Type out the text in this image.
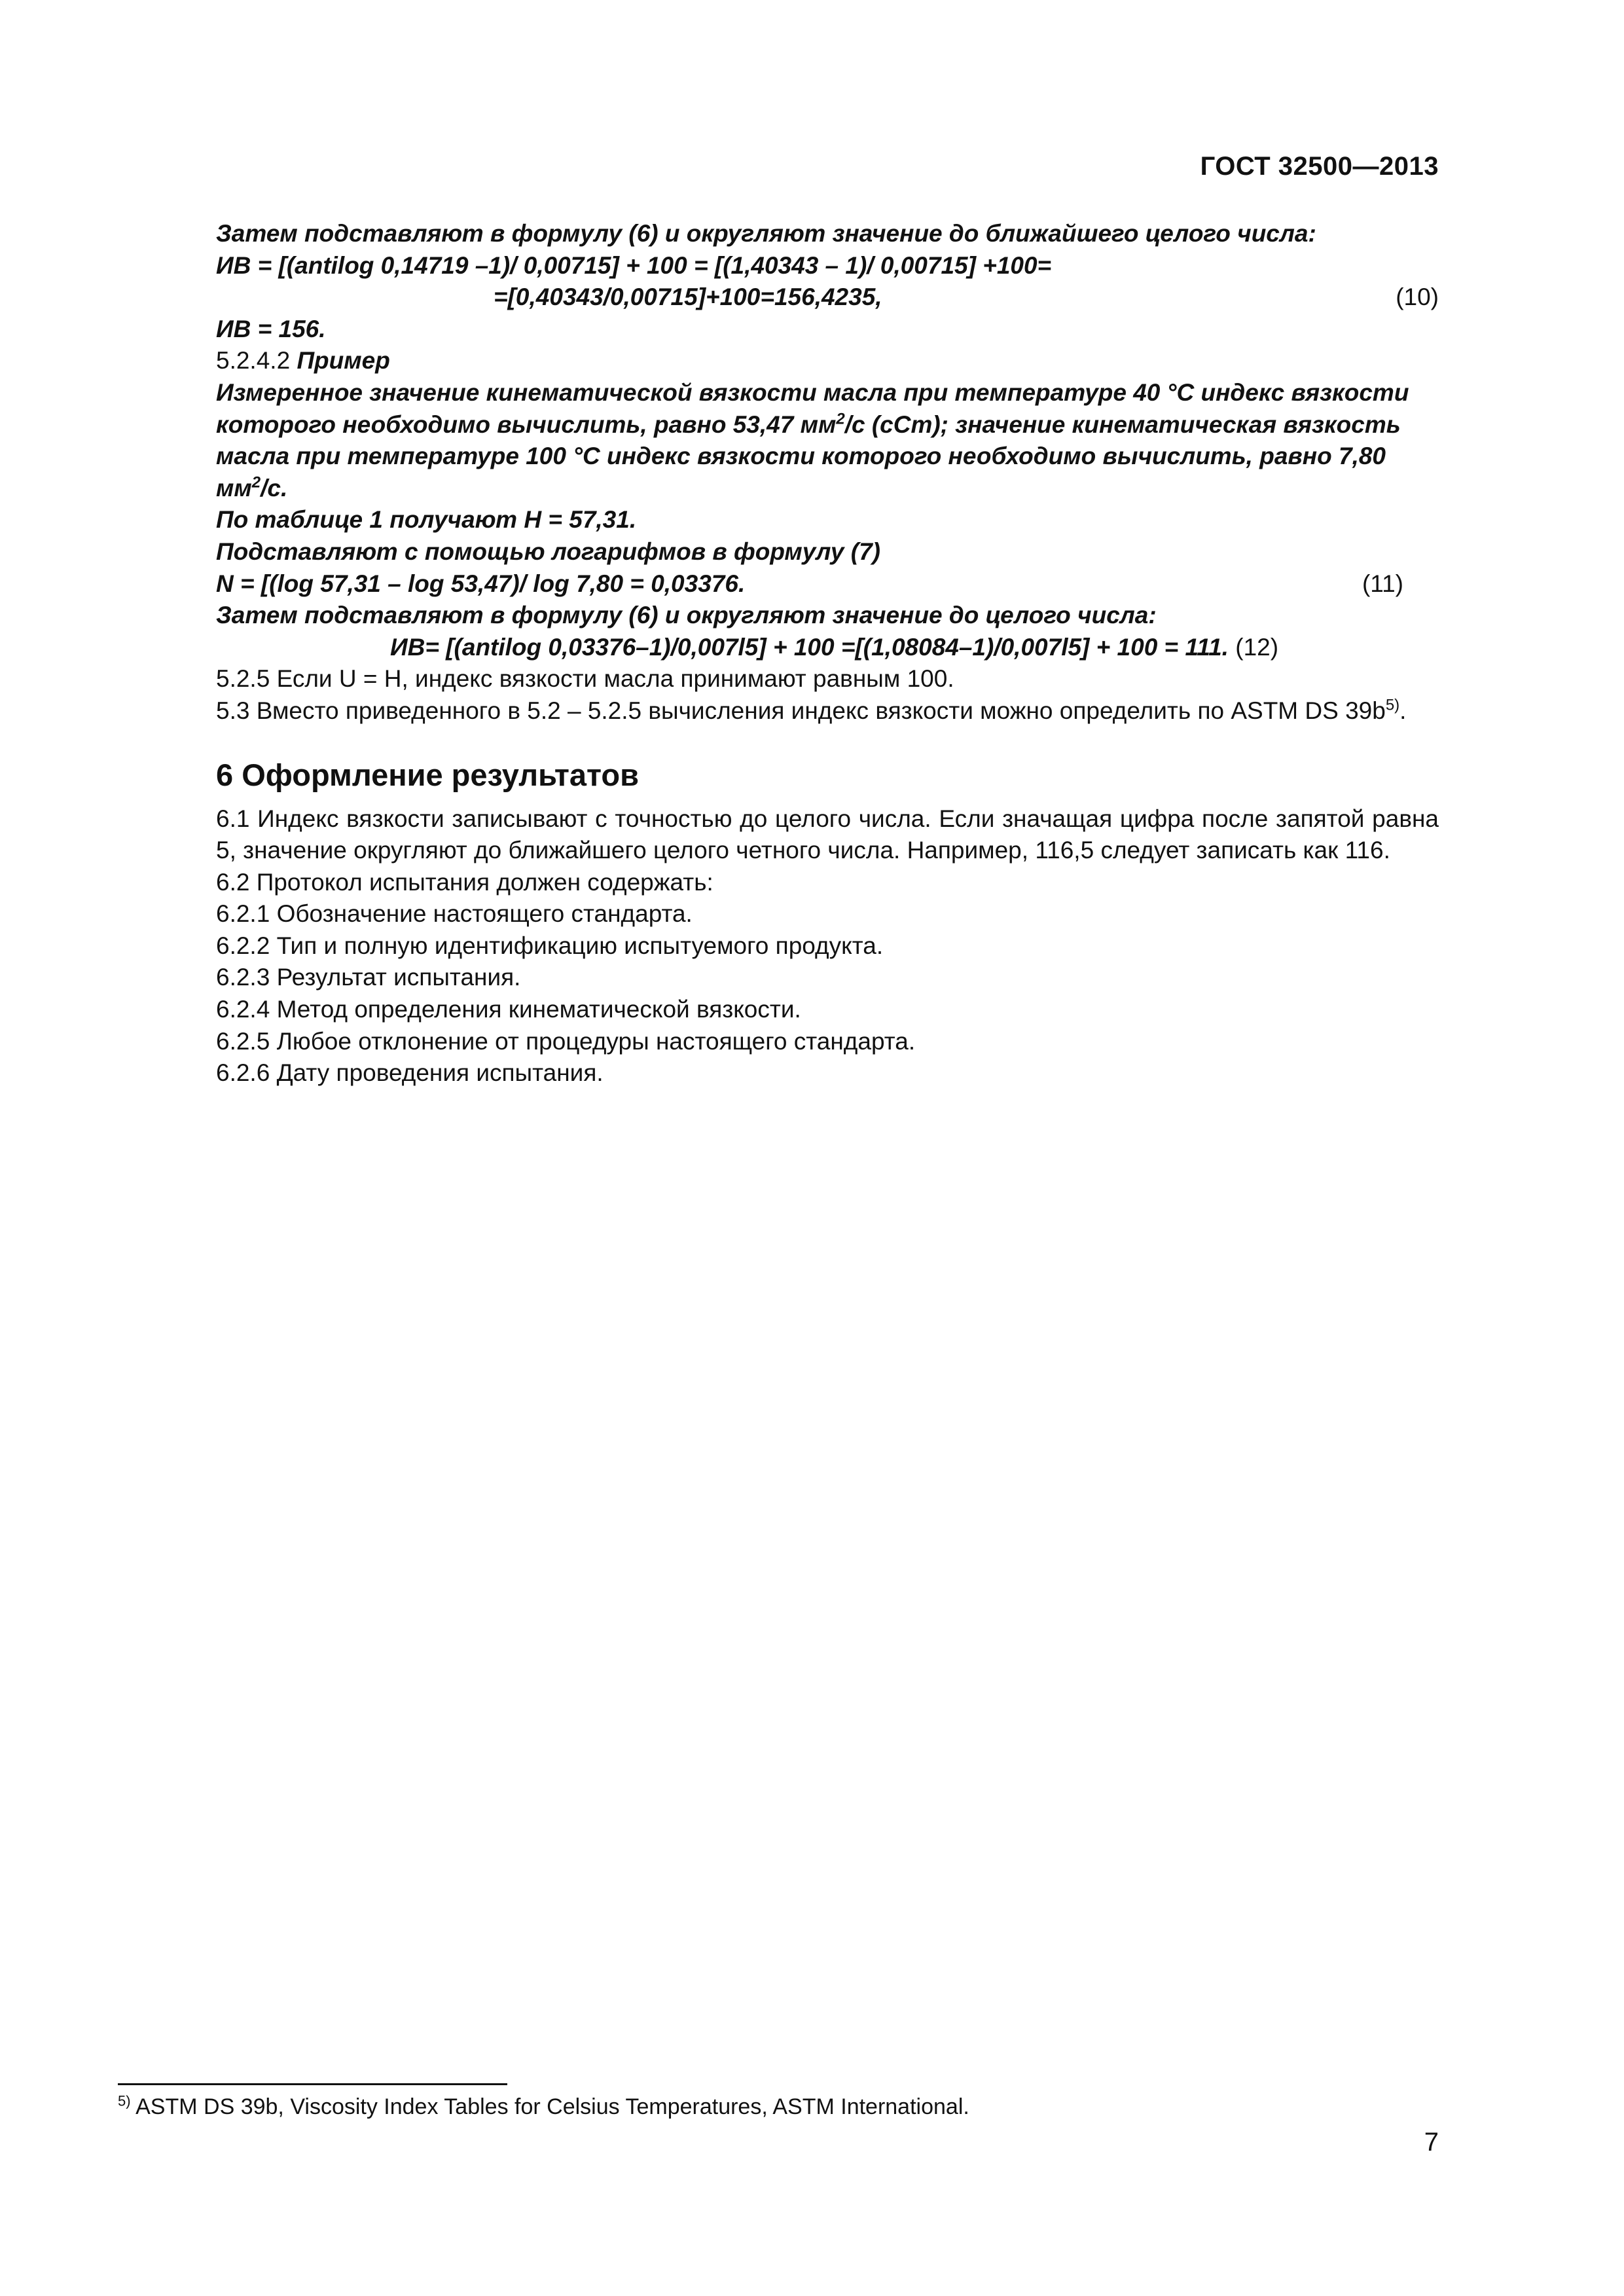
ГОСТ 32500—2013
Затем подставляют в формулу (6) и округляют значение до ближайшего целого числа:
ИВ = [(antilog 0,14719 –1)/ 0,00715] + 100 = [(1,40343 – 1)/ 0,00715] +100=
=[0,40343/0,00715]+100=156,4235,	(10)
ИВ = 156.
5.2.4.2 Пример
Измеренное значение кинематической вязкости масла при температуре 40 °С индекс вязкости которого необходимо вычислить, равно 53,47 $мм^2/с$ (сСт); значение кинематическая вязкость масла при температуре 100 °С индекс вязкости которого необходимо вычислить, равно 7,80 $мм^2/с$.
По таблице 1 получают H = 57,31.
Подставляют с помощью логарифмов в формулу (7)
N = [(log 57,31 – log 53,47)/ log 7,80 = 0,03376.	(11)
Затем подставляют в формулу (6) и округляют значение до целого числа:
ИВ= [(antilog 0,03376–1)/0,007l5] + 100 =[(1,08084–1)/0,007l5] + 100 = 111. (12)
5.2.5 Если U = H, индекс вязкости масла принимают равным 100.
5.3 Вместо приведенного в 5.2 – 5.2.5 вычисления индекс вязкости можно определить по ASTM DS $39b^{5)}$.
6 Оформление результатов
6.1 Индекс вязкости записывают с точностью до целого числа. Если значащая цифра после запятой равна 5, значение округляют до ближайшего целого четного числа. Например, 116,5 следует записать как 116.
6.2 Протокол испытания должен содержать:
6.2.1 Обозначение настоящего стандарта.
6.2.2 Тип и полную идентификацию испытуемого продукта.
6.2.3 Результат испытания.
6.2.4 Метод определения кинематической вязкости.
6.2.5 Любое отклонение от процедуры настоящего стандарта.
6.2.6 Дату проведения испытания.
$^{5)}$ ASTM DS 39b, Viscosity Index Tables for Celsius Temperatures, ASTM International.
7
